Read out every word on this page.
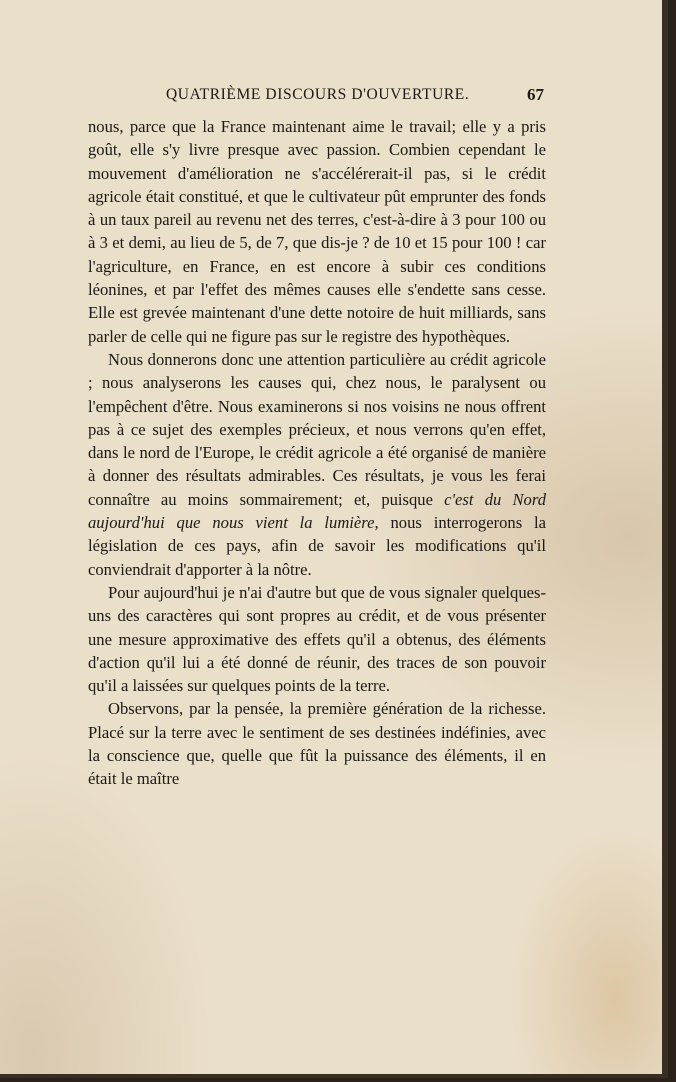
QUATRIÈME DISCOURS D'OUVERTURE.	67

nous, parce que la France maintenant aime le travail; elle y a pris goût, elle s'y livre presque avec passion. Combien cependant le mouvement d'amélioration ne s'accélérerait-il pas, si le crédit agricole était constitué, et que le cultivateur pût emprunter des fonds à un taux pareil au revenu net des terres, c'est-à-dire à 3 pour 100 ou à 3 et demi, au lieu de 5, de 7, que dis-je ? de 10 et 15 pour 100 ! car l'agriculture, en France, en est encore à subir ces conditions léonines, et par l'effet des mêmes causes elle s'endette sans cesse. Elle est grevée maintenant d'une dette notoire de huit milliards, sans parler de celle qui ne figure pas sur le registre des hypothèques.

Nous donnerons donc une attention particulière au crédit agricole ; nous analyserons les causes qui, chez nous, le paralysent ou l'empêchent d'être. Nous examinerons si nos voisins ne nous offrent pas à ce sujet des exemples précieux, et nous verrons qu'en effet, dans le nord de l'Europe, le crédit agricole a été organisé de manière à donner des résultats admirables. Ces résultats, je vous les ferai connaître au moins sommairement; et, puisque c'est du Nord aujourd'hui que nous vient la lumière, nous interrogerons la législation de ces pays, afin de savoir les modifications qu'il conviendrait d'apporter à la nôtre.

Pour aujourd'hui je n'ai d'autre but que de vous signaler quelques-uns des caractères qui sont propres au crédit, et de vous présenter une mesure approximative des effets qu'il a obtenus, des éléments d'action qu'il lui a été donné de réunir, des traces de son pouvoir qu'il a laissées sur quelques points de la terre.

Observons, par la pensée, la première génération de la richesse. Placé sur la terre avec le sentiment de ses destinées indéfinies, avec la conscience que, quelle que fût la puissance des éléments, il en était le maître
